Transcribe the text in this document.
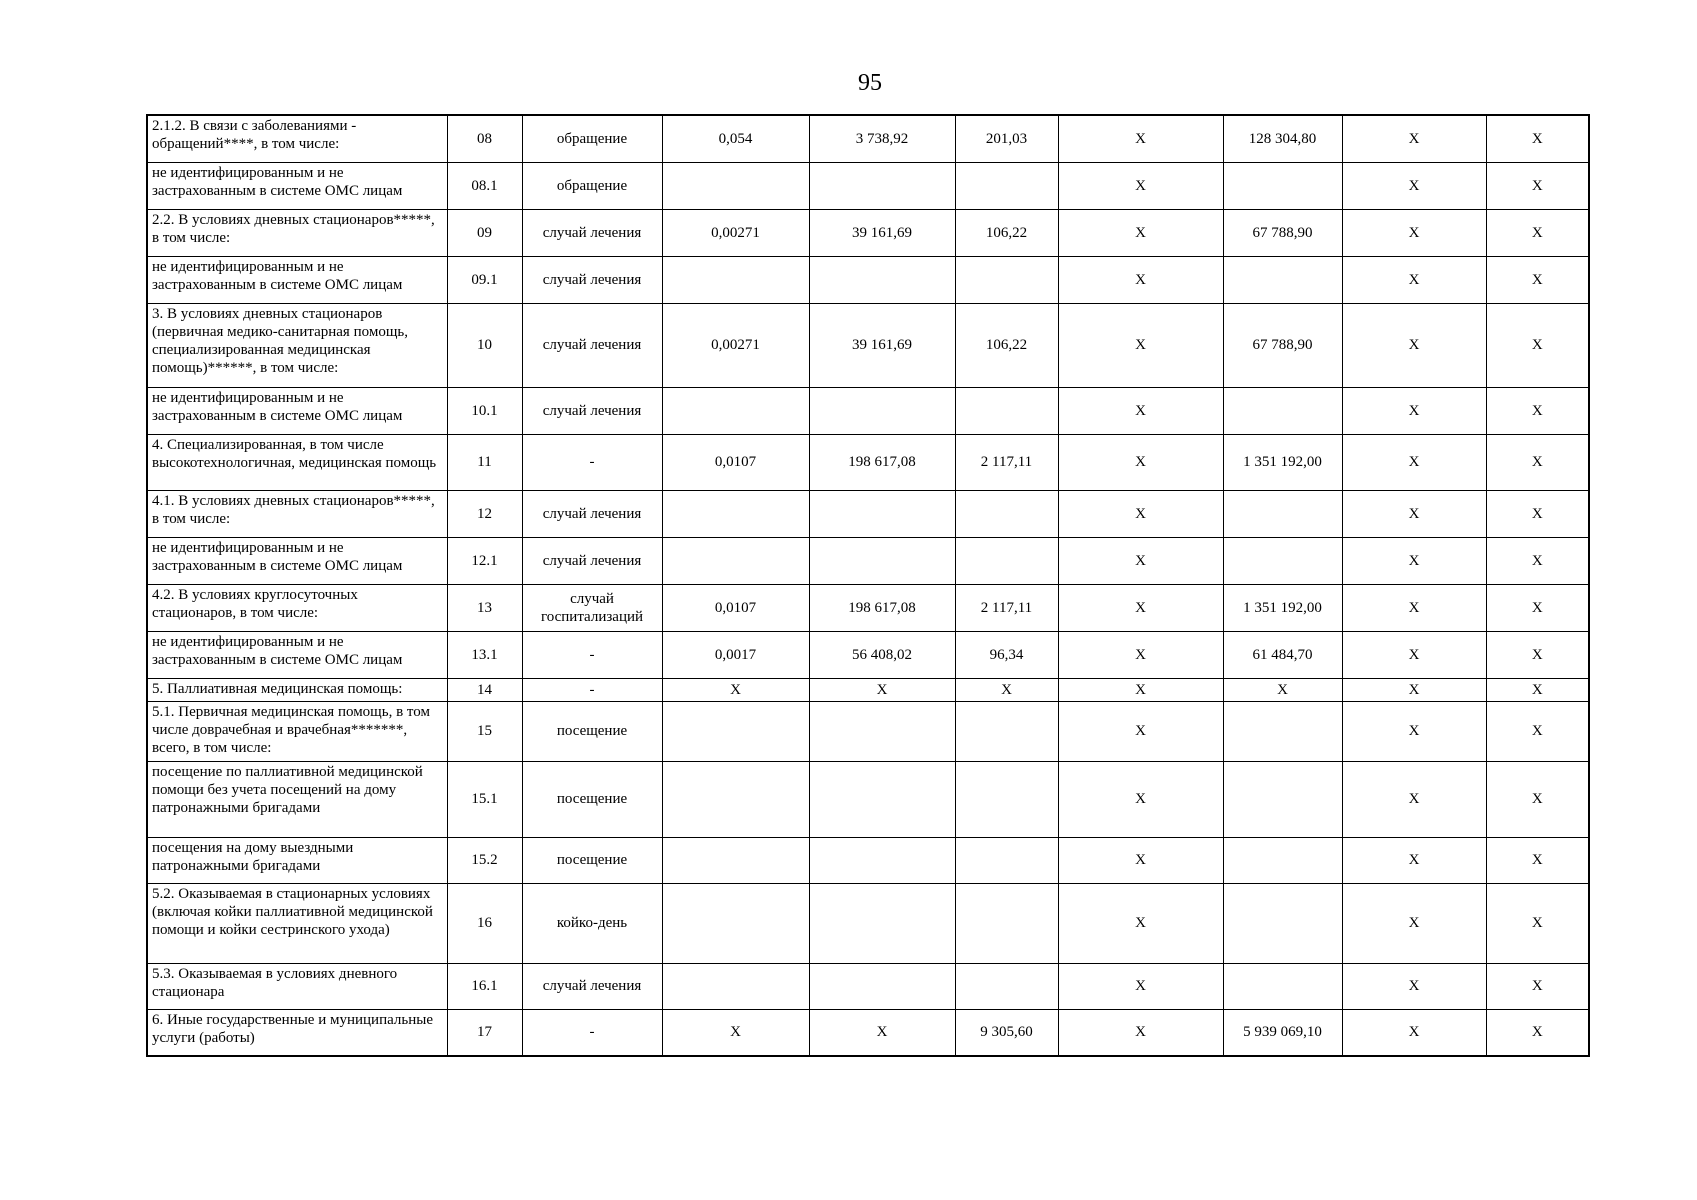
95
2.1.2. В связи с заболеваниями - обращений****, в том числе:	08	обращение	0,054	3 738,92	201,03	X	128 304,80	X	X
не идентифицированным и не застрахованным в системе ОМС лицам	08.1	обращение				X		X	X
2.2. В условиях дневных стационаров*****, в том числе:	09	случай лечения	0,00271	39 161,69	106,22	X	67 788,90	X	X
не идентифицированным и не застрахованным в системе ОМС лицам	09.1	случай лечения				X		X	X
3. В условиях дневных стационаров (первичная медико-санитарная помощь, специализированная медицинская помощь)******, в том числе:	10	случай лечения	0,00271	39 161,69	106,22	X	67 788,90	X	X
не идентифицированным и не застрахованным в системе ОМС лицам	10.1	случай лечения				X		X	X
4. Специализированная, в том числе высокотехнологичная, медицинская помощь	11	-	0,0107	198 617,08	2 117,11	X	1 351 192,00	X	X
4.1. В условиях дневных стационаров*****, в том числе:	12	случай лечения				X		X	X
не идентифицированным и не застрахованным в системе ОМС лицам	12.1	случай лечения				X		X	X
4.2. В условиях круглосуточных стационаров, в том числе:	13	случай госпитализаций	0,0107	198 617,08	2 117,11	X	1 351 192,00	X	X
не идентифицированным и не застрахованным в системе ОМС лицам	13.1	-	0,0017	56 408,02	96,34	X	61 484,70	X	X
5. Паллиативная медицинская помощь:	14	-	X	X	X	X	X	X	X
5.1. Первичная медицинская помощь, в том числе доврачебная и врачебная*******, всего, в том числе:	15	посещение				X		X	X
посещение по паллиативной медицинской помощи без учета посещений на дому патронажными бригадами	15.1	посещение				X		X	X
посещения на дому выездными патронажными бригадами	15.2	посещение				X		X	X
5.2. Оказываемая в стационарных условиях (включая койки паллиативной медицинской помощи и койки сестринского ухода)	16	койко-день				X		X	X
5.3. Оказываемая в условиях дневного стационара	16.1	случай лечения				X		X	X
6. Иные государственные и муниципальные услуги (работы)	17	-	X	X	9 305,60	X	5 939 069,10	X	X
